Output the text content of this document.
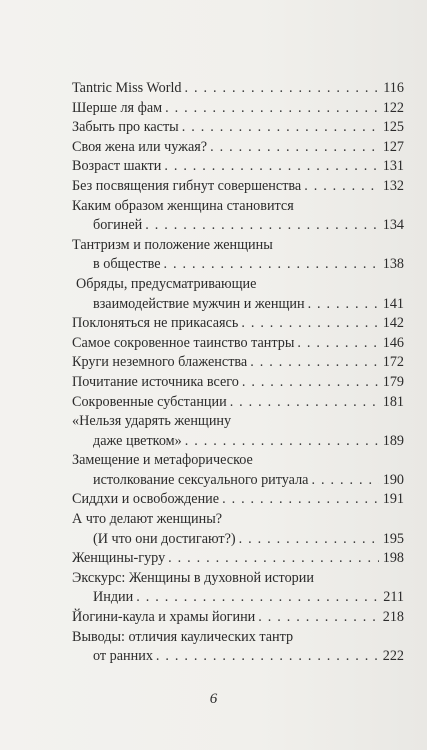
Tantric Miss World . . .	116
Шерше ля фам . . .	122
Забыть про касты . . .	125
Своя жена или чужая? . . .	127
Возраст шакти . . .	131
Без посвящения гибнут совершенства . . .	132
Каким образом женщина становится
богиней . . .	134
Тантризм и положение женщины
в обществе . . .	138
Обряды, предусматривающие
взаимодействие мужчин и женщин . . .	141
Поклоняться не прикасаясь . . .	142
Самое сокровенное таинство тантры . . .	146
Круги неземного блаженства . . .	172
Почитание источника всего . . .	179
Сокровенные субстанции . . .	181
«Нельзя ударять женщину
даже цветком» . . .	189
Замещение и метафорическое
истолкование сексуального ритуала . . .	190
Сиддхи и освобождение . . .	191
А что делают женщины?
(И что они достигают?) . . .	195
Женщины-гуру . . .	198
Экскурс: Женщины в духовной истории
Индии . . .	211
Йогини-каула и храмы йогини . . .	218
Выводы: отличия каулических тантр
от ранних . . .	222
6
